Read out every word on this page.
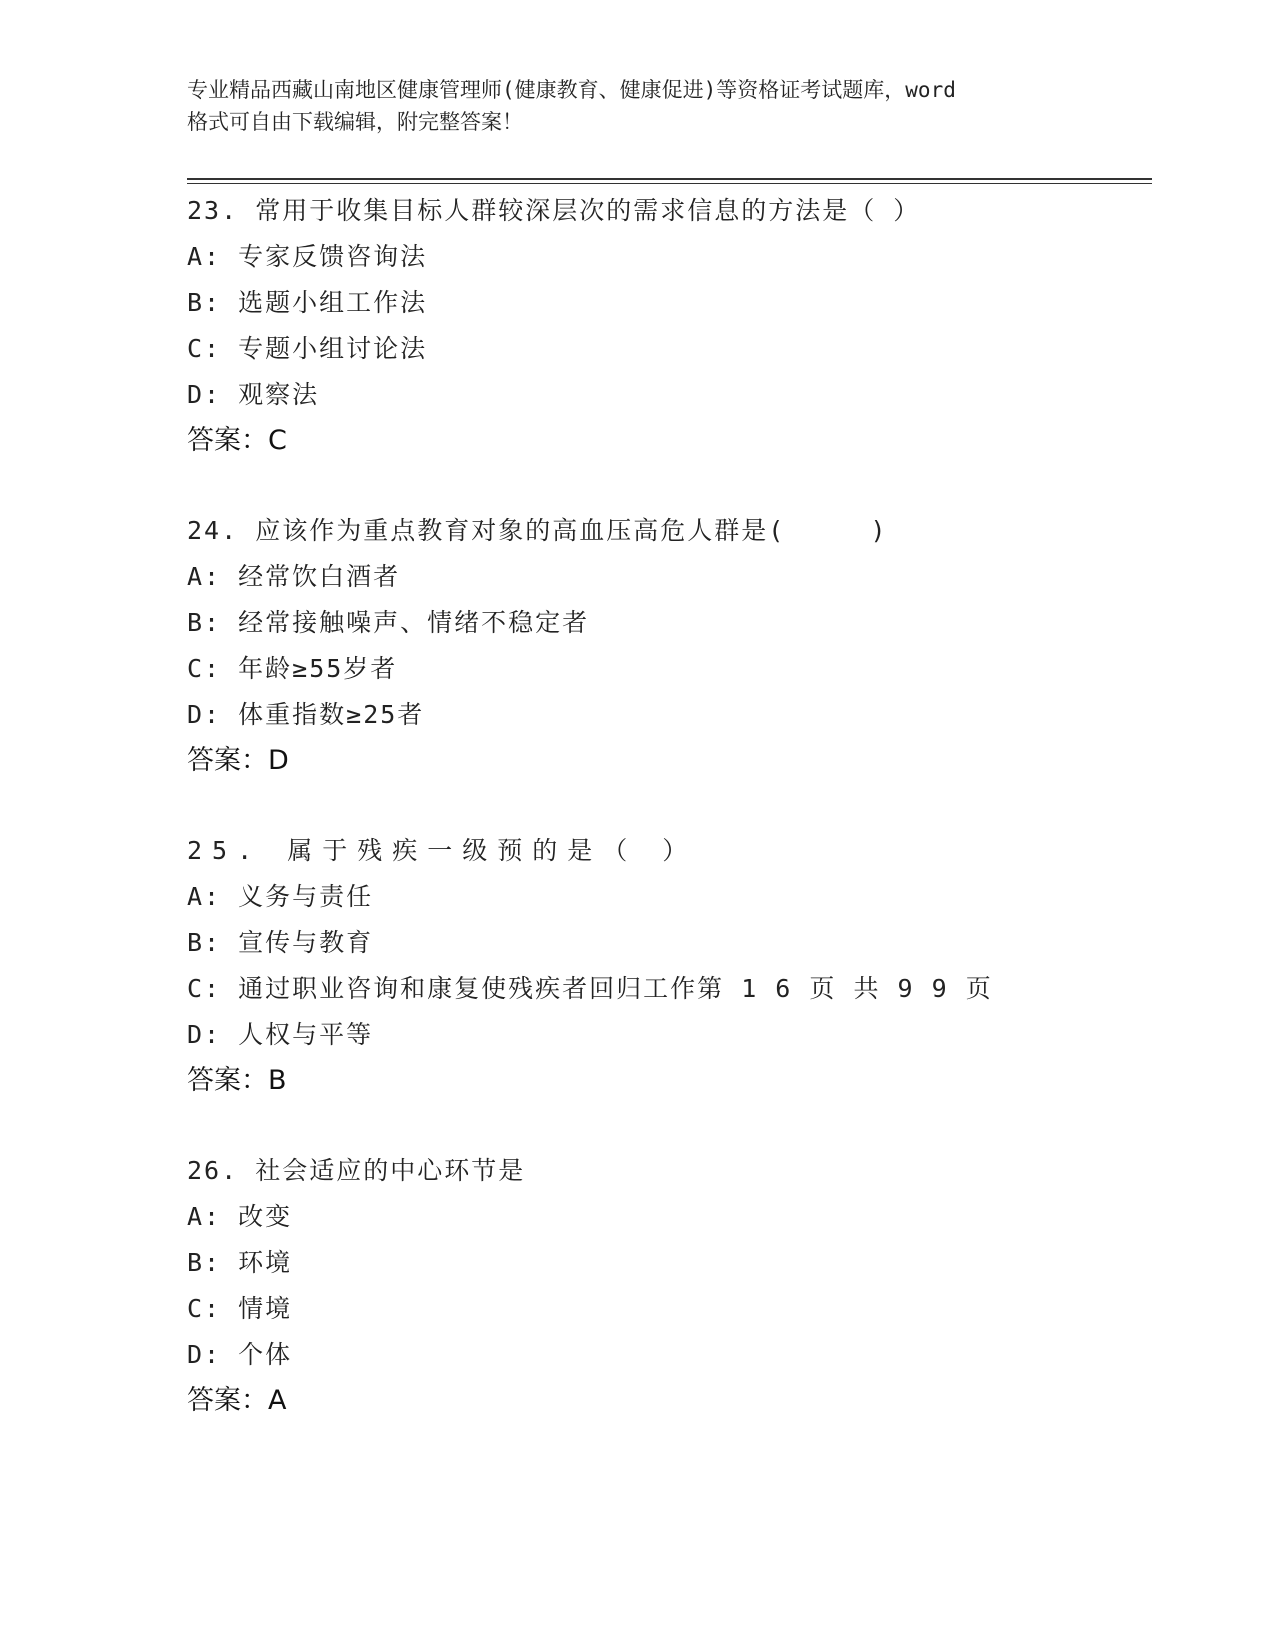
专业精品西藏山南地区健康管理师(健康教育、健康促进)等资格证考试题库，word
格式可自由下载编辑，附完整答案！
23. 常用于收集目标人群较深层次的需求信息的方法是（ ）
A: 专家反馈咨询法
B: 选题小组工作法
C: 专题小组讨论法
D: 观察法
答案：C
24. 应该作为重点教育对象的高血压高危人群是(     )
A: 经常饮白酒者
B: 经常接触噪声、情绪不稳定者
C: 年龄≥55岁者
D: 体重指数≥25者
答案：D
25. 属于残疾一级预的是（ ）
A: 义务与责任
B: 宣传与教育
C: 通过职业咨询和康复使残疾者回归工作第 1 6 页 共 9 9 页
D: 人权与平等
答案：B
26. 社会适应的中心环节是
A: 改变
B: 环境
C: 情境
D: 个体
答案：A
